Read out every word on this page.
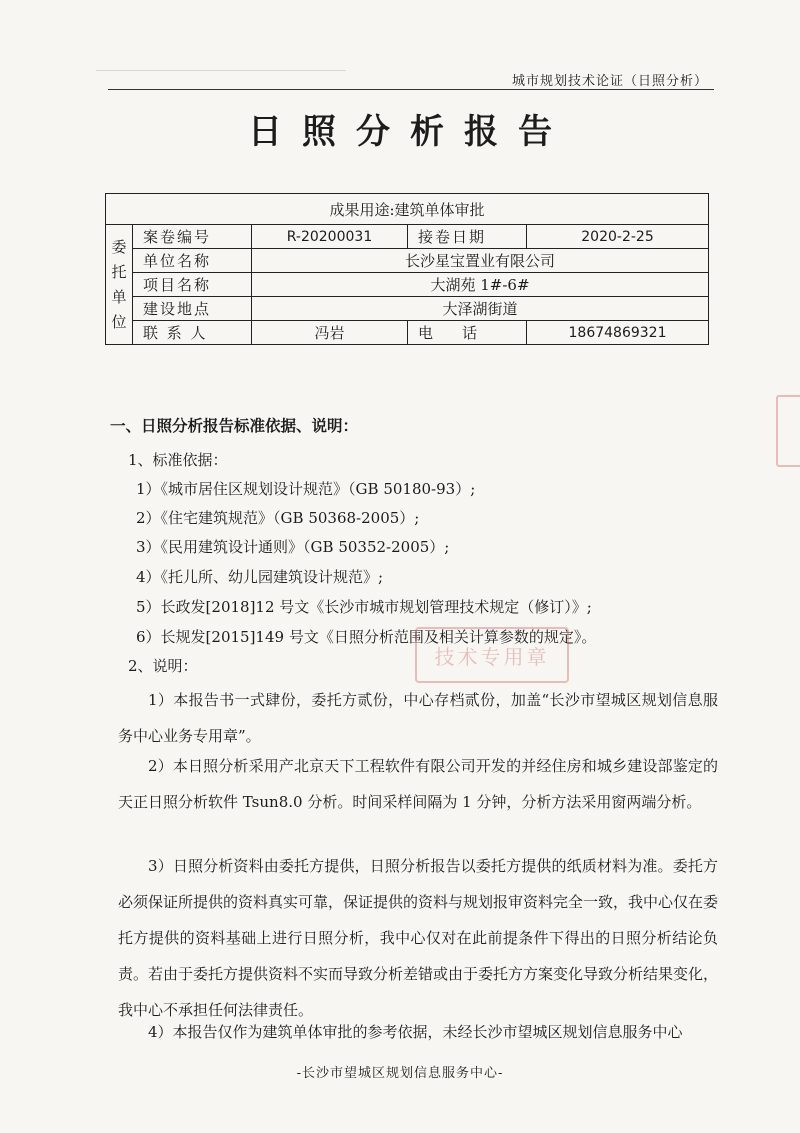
城市规划技术论证（日照分析）
日照分析报告
成果用途:建筑单体审批				
委托单位	案卷编号	R-20200031	接卷日期	2020-2-25
	单位名称	长沙星宝置业有限公司		
	项目名称	大湖苑 1#-6#		
	建设地点	大泽湖街道		
	联 系 人	冯岩	电    话	18674869321
一、日照分析报告标准依据、说明：
1、标准依据：
1）《城市居住区规划设计规范》（GB 50180-93）;
2）《住宅建筑规范》（GB 50368-2005）;
3）《民用建筑设计通则》（GB 50352-2005）;
4）《托儿所、幼儿园建筑设计规范》;
5）长政发[2018]12 号文《长沙市城市规划管理技术规定（修订）》;
6）长规发[2015]149 号文《日照分析范围及相关计算参数的规定》。
2、说明：
1）本报告书一式肆份，委托方贰份，中心存档贰份，加盖“长沙市望城区规划信息服务中心业务专用章”。
2）本日照分析采用产北京天下工程软件有限公司开发的并经住房和城乡建设部鉴定的天正日照分析软件 Tsun8.0 分析。时间采样间隔为 1 分钟，分析方法采用窗两端分析。
3）日照分析资料由委托方提供，日照分析报告以委托方提供的纸质材料为准。委托方必须保证所提供的资料真实可靠，保证提供的资料与规划报审资料完全一致，我中心仅在委托方提供的资料基础上进行日照分析，我中心仅对在此前提条件下得出的日照分析结论负责。若由于委托方提供资料不实而导致分析差错或由于委托方方案变化导致分析结果变化，我中心不承担任何法律责任。
4）本报告仅作为建筑单体审批的参考依据，未经长沙市望城区规划信息服务中心
技术专用章
-长沙市望城区规划信息服务中心-
